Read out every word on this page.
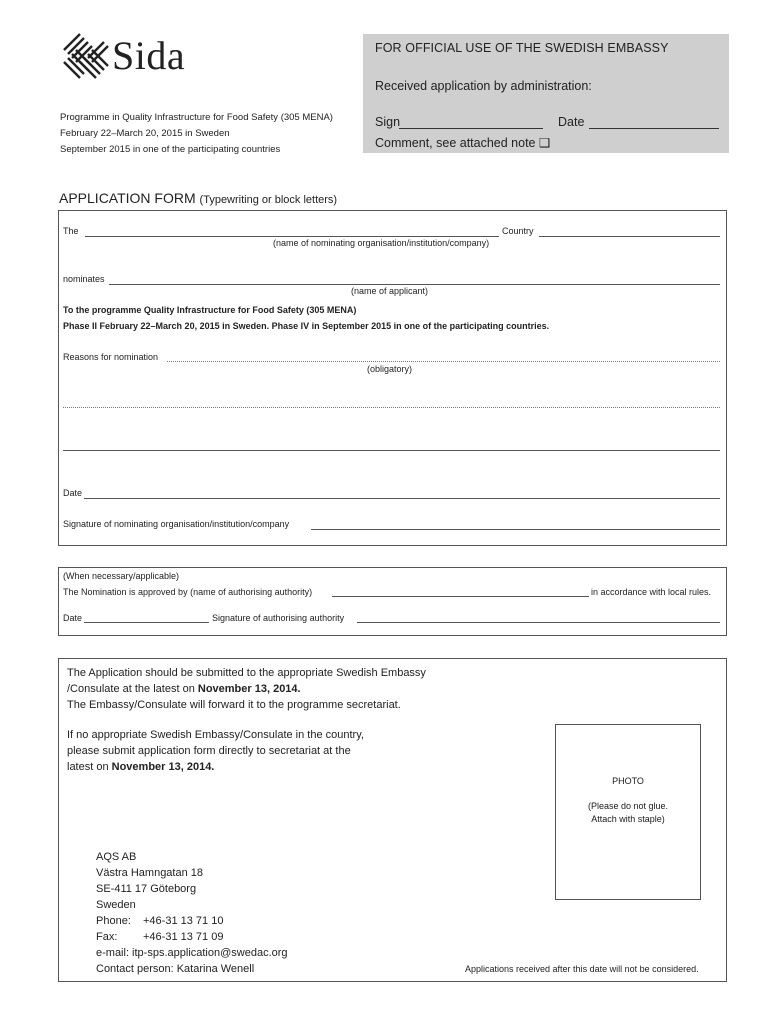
Sida	FOR OFFICIAL USE OF THE SWEDISH EMBASSY
Received application by administration:
Sign	Date
Comment, see attached note ❑
Programme in Quality Infrastructure for Food Safety (305 MENA)
February 22–March 20, 2015 in Sweden
September 2015 in one of the participating countries
APPLICATION FORM (Typewriting or block letters)
The	Country
(name of nominating organisation/institution/company)
nominates
(name of applicant)
To the programme Quality Infrastructure for Food Safety (305 MENA)
Phase II February 22–March 20, 2015 in Sweden. Phase IV in September 2015 in one of the participating countries.
Reasons for nomination
(obligatory)
Date
Signature of nominating organisation/institution/company
(When necessary/applicable)
The Nomination is approved by (name of authorising authority)	in accordance with local rules.
Date	Signature of authorising authority
The Application should be submitted to the appropriate Swedish Embassy
/Consulate at the latest on November 13, 2014.
The Embassy/Consulate will forward it to the programme secretariat.
If no appropriate Swedish Embassy/Consulate in the country,
please submit application form directly to secretariat at the
latest on November 13, 2014.
PHOTO
(Please do not glue.
Attach with staple)
AQS AB
Västra Hamngatan 18
SE-411 17 Göteborg
Sweden
Phone: +46-31 13 71 10
Fax: +46-31 13 71 09
e-mail: itp-sps.application@swedac.org
Contact person: Katarina Wenell	Applications received after this date will not be considered.
